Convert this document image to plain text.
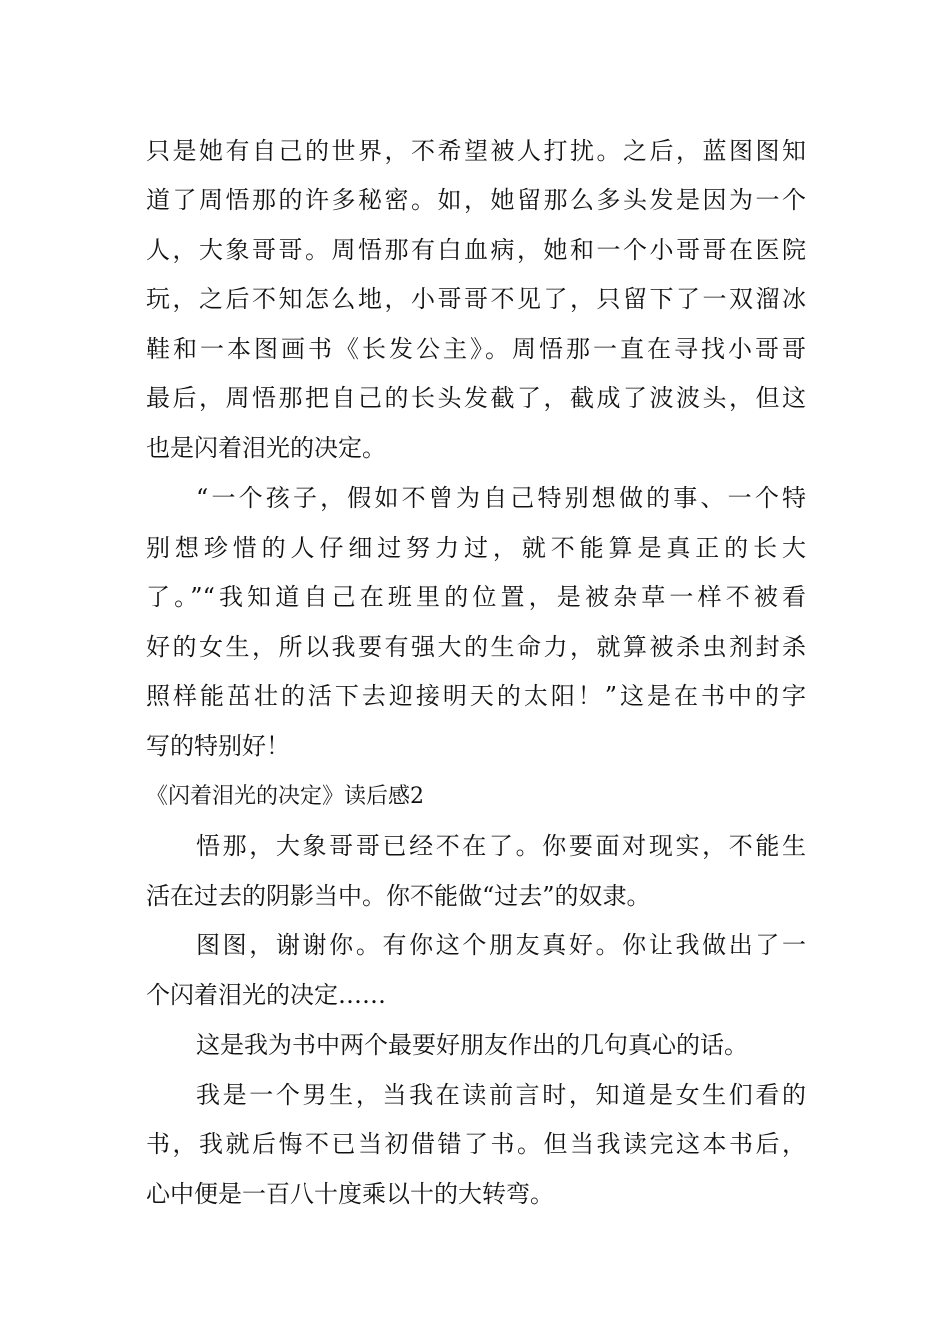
只是她有自己的世界，不希望被人打扰。之后，蓝图图知
道了周悟那的许多秘密。如，她留那么多头发是因为一个
人，大象哥哥。周悟那有白血病，她和一个小哥哥在医院
玩，之后不知怎么地，小哥哥不见了，只留下了一双溜冰
鞋和一本图画书《长发公主》。周悟那一直在寻找小哥哥
最后，周悟那把自己的长头发截了，截成了波波头，但这
也是闪着泪光的决定。
“一个孩子，假如不曾为自己特别想做的事、一个特
别想珍惜的人仔细过努力过，就不能算是真正的长大
了。”“我知道自己在班里的位置，是被杂草一样不被看
好的女生，所以我要有强大的生命力，就算被杀虫剂封杀
照样能茁壮的活下去迎接明天的太阳！”这是在书中的字
写的特别好！
《闪着泪光的决定》读后感2
悟那，大象哥哥已经不在了。你要面对现实，不能生
活在过去的阴影当中。你不能做“过去”的奴隶。
图图，谢谢你。有你这个朋友真好。你让我做出了一
个闪着泪光的决定……
这是我为书中两个最要好朋友作出的几句真心的话。
我是一个男生，当我在读前言时，知道是女生们看的
书，我就后悔不已当初借错了书。但当我读完这本书后，
心中便是一百八十度乘以十的大转弯。
